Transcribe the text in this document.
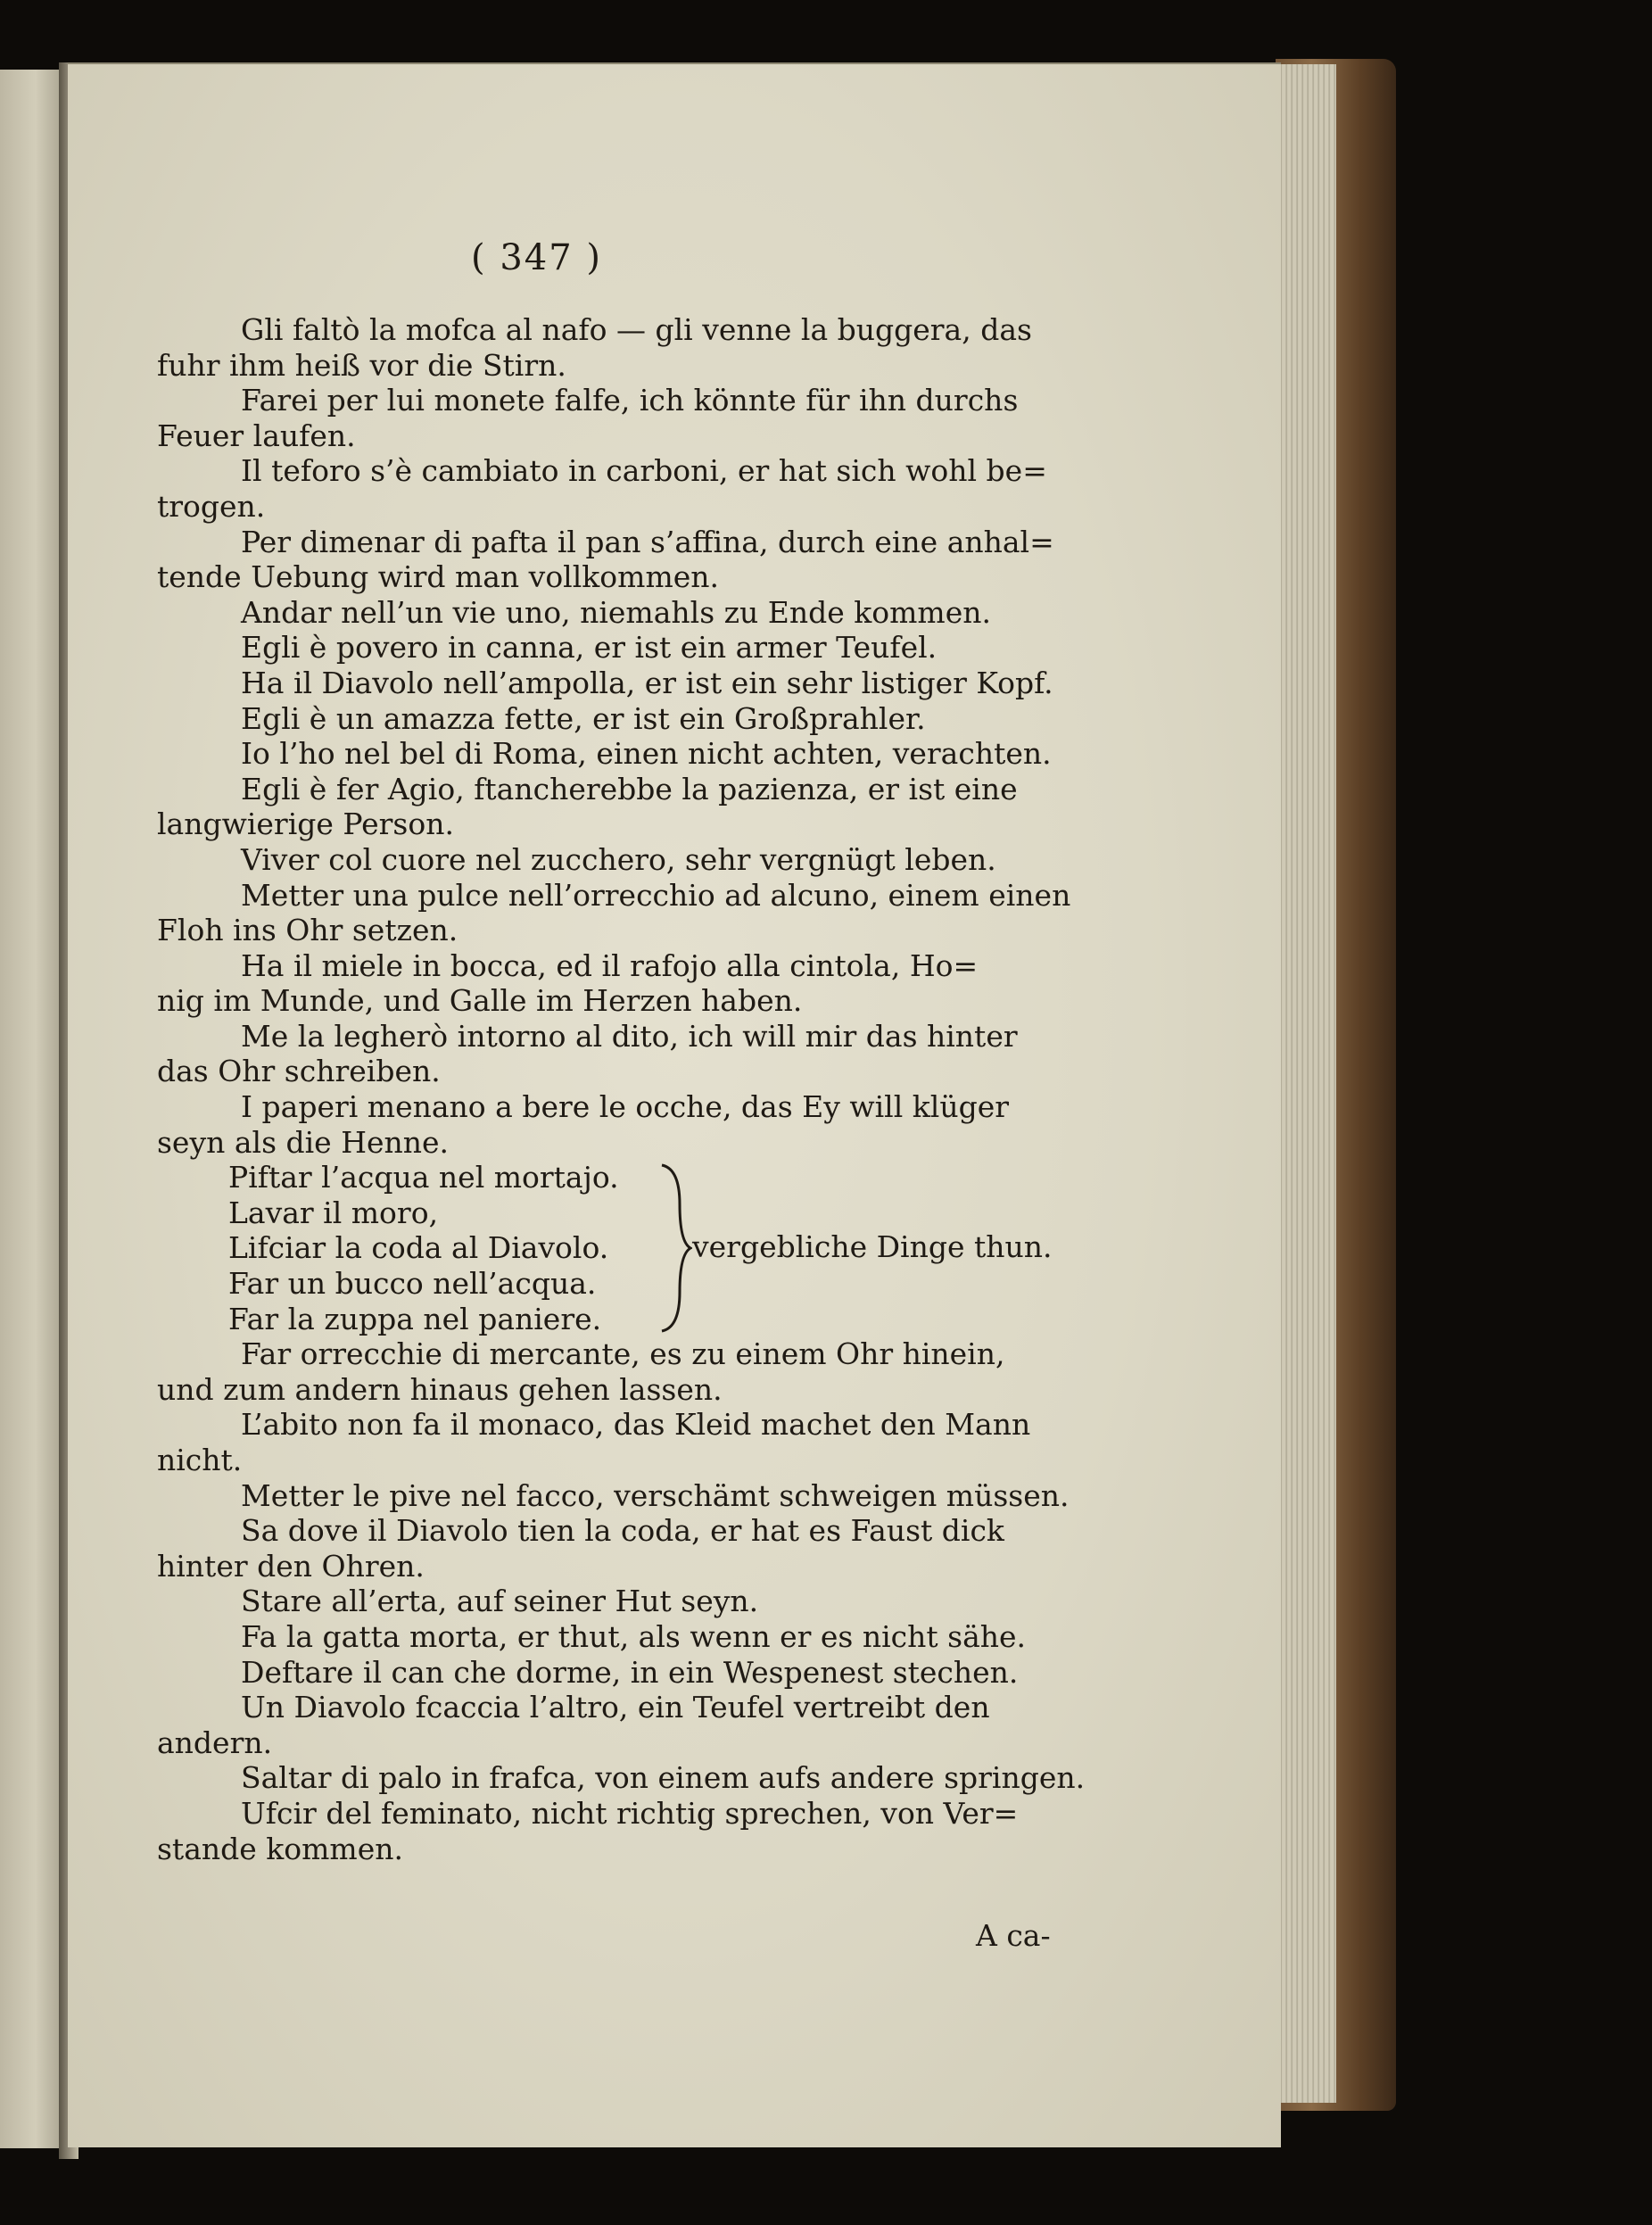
( 347 )
Gli faltò la mofca al nafo — gli venne la buggera, das
fuhr ihm heiß vor die Stirn.
Farei per lui monete falfe, ich könnte für ihn durchs
Feuer laufen.
Il teforo s’è cambiato in carboni, er hat sich wohl be=
trogen.
Per dimenar di pafta il pan s’affina, durch eine anhal=
tende Uebung wird man vollkommen.
Andar nell’un vie uno, niemahls zu Ende kommen.
Egli è povero in canna, er ist ein armer Teufel.
Ha il Diavolo nell’ampolla, er ist ein sehr listiger Kopf.
Egli è un amazza fette, er ist ein Großprahler.
Io l’ho nel bel di Roma, einen nicht achten, verachten.
Egli è fer Agio, ftancherebbe la pazienza, er ist eine
langwierige Person.
Viver col cuore nel zucchero, sehr vergnügt leben.
Metter una pulce nell’orrecchio ad alcuno, einem einen
Floh ins Ohr setzen.
Ha il miele in bocca, ed il rafojo alla cintola, Ho=
nig im Munde, und Galle im Herzen haben.
Me la legherò intorno al dito, ich will mir das hinter
das Ohr schreiben.
I paperi menano a bere le ocche, das Ey will klüger
seyn als die Henne.
Piftar l’acqua nel mortajo.
Lavar il moro,
Lifciar la coda al Diavolo.
Far un bucco nell’acqua.
Far la zuppa nel paniere.
vergebliche Dinge thun.
Far orrecchie di mercante, es zu einem Ohr hinein,
und zum andern hinaus gehen lassen.
L’abito non fa il monaco, das Kleid machet den Mann
nicht.
Metter le pive nel facco, verschämt schweigen müssen.
Sa dove il Diavolo tien la coda, er hat es Faust dick
hinter den Ohren.
Stare all’erta, auf seiner Hut seyn.
Fa la gatta morta, er thut, als wenn er es nicht sähe.
Deftare il can che dorme, in ein Wespenest stechen.
Un Diavolo fcaccia l’altro, ein Teufel vertreibt den
andern.
Saltar di palo in frafca, von einem aufs andere springen.
Ufcir del feminato, nicht richtig sprechen, von Ver=
stande kommen.
A ca-
